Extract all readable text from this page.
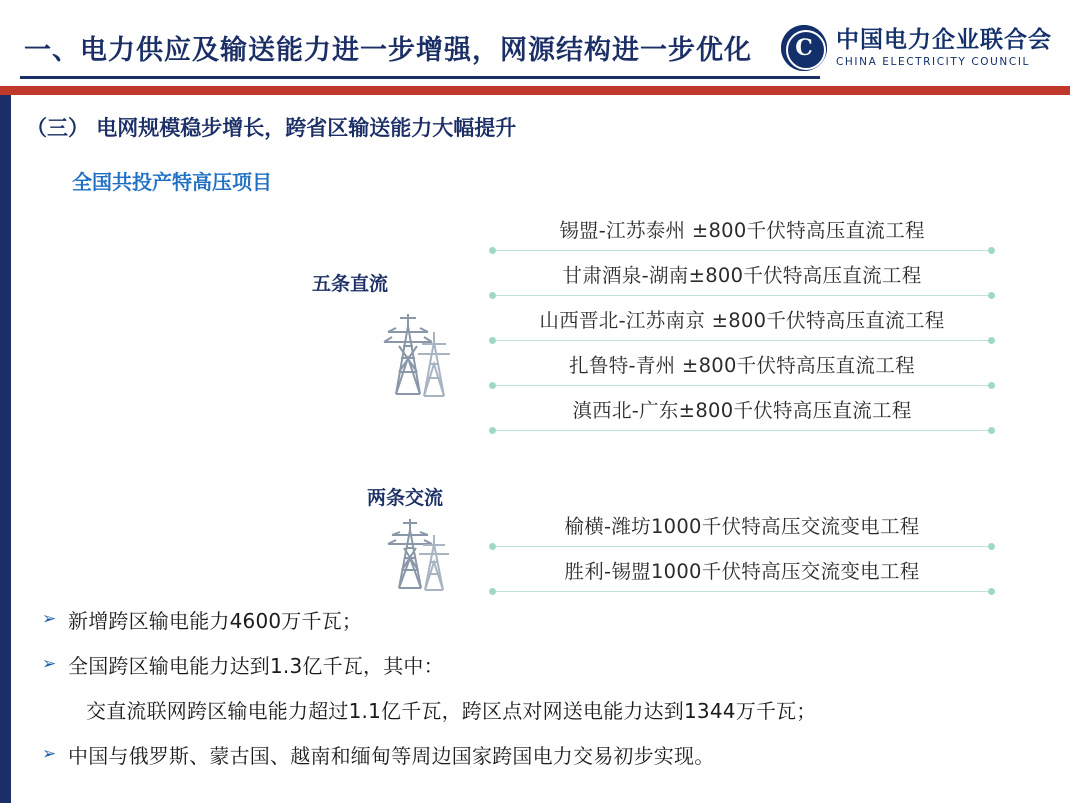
一、电力供应及输送能力进一步增强，网源结构进一步优化 C	中国电力企业联合会
CHINA ELECTRICITY COUNCIL
（三） 电网规模稳步增长，跨省区输送能力大幅提升
全国共投产特高压项目
五条直流
锡盟-江苏泰州 ±800千伏特高压直流工程
甘肃酒泉-湖南±800千伏特高压直流工程
山西晋北-江苏南京 ±800千伏特高压直流工程
扎鲁特-青州 ±800千伏特高压直流工程
滇西北-广东±800千伏特高压直流工程
两条交流
榆横-潍坊1000千伏特高压交流变电工程
胜利-锡盟1000千伏特高压交流变电工程
➢ 新增跨区输电能力4600万千瓦；
➢ 全国跨区输电能力达到1.3亿千瓦，其中：
交直流联网跨区输电能力超过1.1亿千瓦，跨区点对网送电能力达到1344万千瓦；
➢ 中国与俄罗斯、蒙古国、越南和缅甸等周边国家跨国电力交易初步实现。
